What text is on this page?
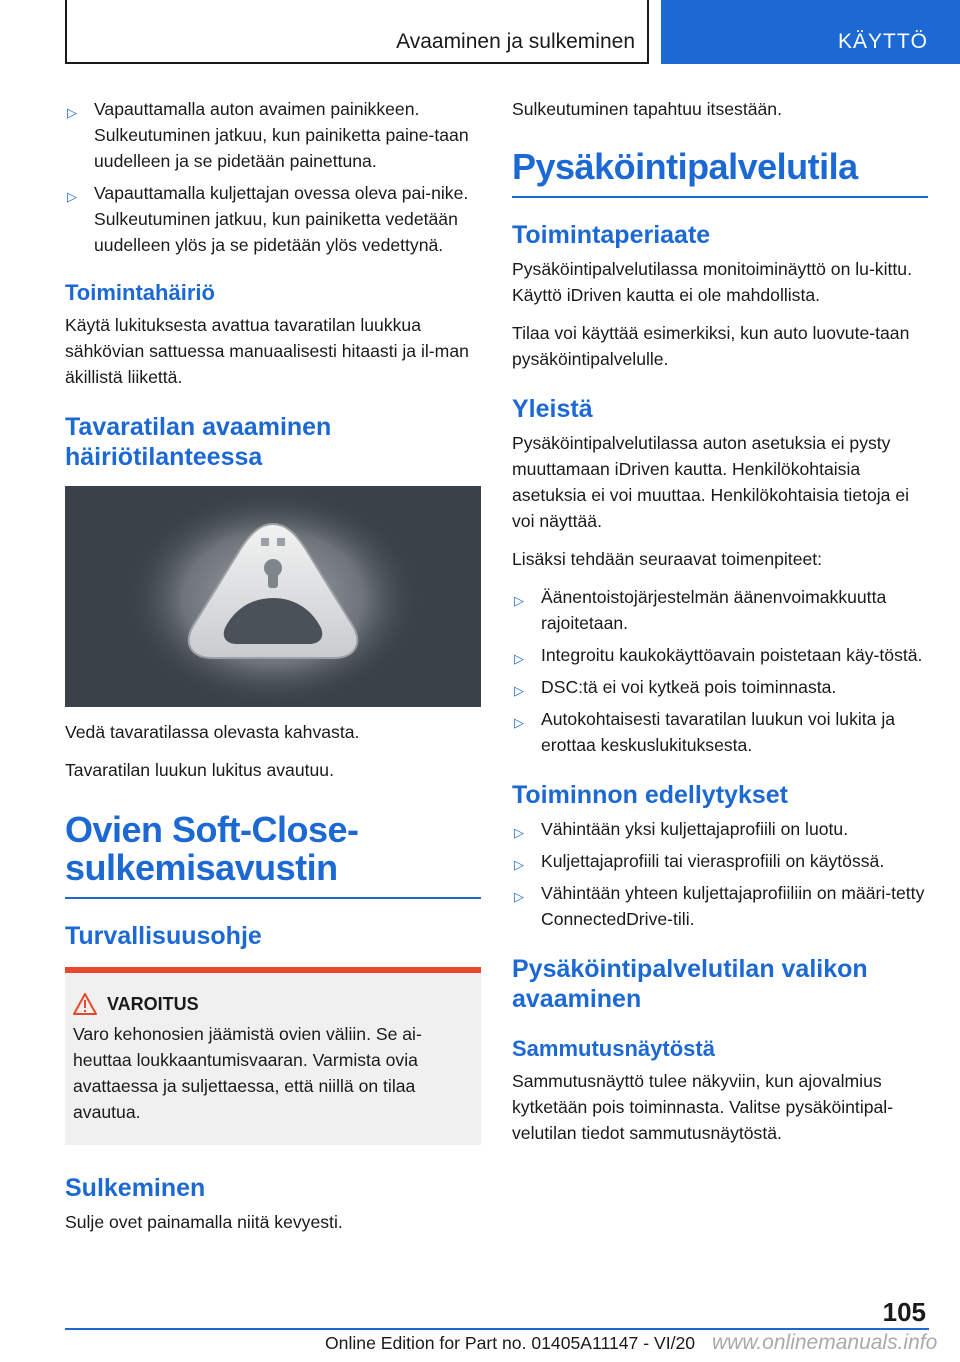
Avaaminen ja sulkeminen	KÄYTTÖ
▷ Vapauttamalla auton avaimen painikkeen. Sulkeutuminen jatkuu, kun painiketta paine-taan uudelleen ja se pidetään painettuna.
▷ Vapauttamalla kuljettajan ovessa oleva pai-nike. Sulkeutuminen jatkuu, kun painiketta vedetään uudelleen ylös ja se pidetään ylös vedettynä.
Toimintahäiriö

Käytä lukituksesta avattua tavaratilan luukkua sähkövian sattuessa manuaalisesti hitaasti ja il-man äkillistä liikettä.

Tavaratilan avaaminen häiriötilanteessa

Vedä tavaratilassa olevasta kahvasta.

Tavaratilan luukun lukitus avautuu.

Ovien Soft-Close-sulkemisavustin
Turvallisuusohje
VAROITUS

Varo kehonosien jäämistä ovien väliin. Se ai-heuttaa loukkaantumisvaaran. Varmista ovia avattaessa ja suljettaessa, että niillä on tilaa avautua.

Sulkeminen

Sulje ovet painamalla niitä kevyesti.

Sulkeutuminen tapahtuu itsestään.

Pysäköintipalvelutila
Toimintaperiaate

Pysäköintipalvelutilassa monitoiminäyttö on lu-kittu. Käyttö iDriven kautta ei ole mahdollista.

Tilaa voi käyttää esimerkiksi, kun auto luovute-taan pysäköintipalvelulle.

Yleistä

Pysäköintipalvelutilassa auton asetuksia ei pysty muuttamaan iDriven kautta. Henkilökohtaisia asetuksia ei voi muuttaa. Henkilökohtaisia tietoja ei voi näyttää.

Lisäksi tehdään seuraavat toimenpiteet:

▷ Äänentoistojärjestelmän äänenvoimakkuutta rajoitetaan.
▷ Integroitu kaukokäyttöavain poistetaan käy-töstä.
▷ DSC:tä ei voi kytkeä pois toiminnasta.
▷ Autokohtaisesti tavaratilan luukun voi lukita ja erottaa keskuslukituksesta.
Toiminnon edellytykset
▷ Vähintään yksi kuljettajaprofiili on luotu.
▷ Kuljettajaprofiili tai vierasprofiili on käytössä.
▷ Vähintään yhteen kuljettajaprofiiliin on määri-tetty ConnectedDrive-tili.
Pysäköintipalvelutilan valikon avaaminen
Sammutusnäytöstä

Sammutusnäyttö tulee näkyviin, kun ajovalmius kytketään pois toiminnasta. Valitse pysäköintipal-velutilan tiedot sammutusnäytöstä.

105
Online Edition for Part no. 01405A11147 - VI/20 www.onlinemanuals.info
